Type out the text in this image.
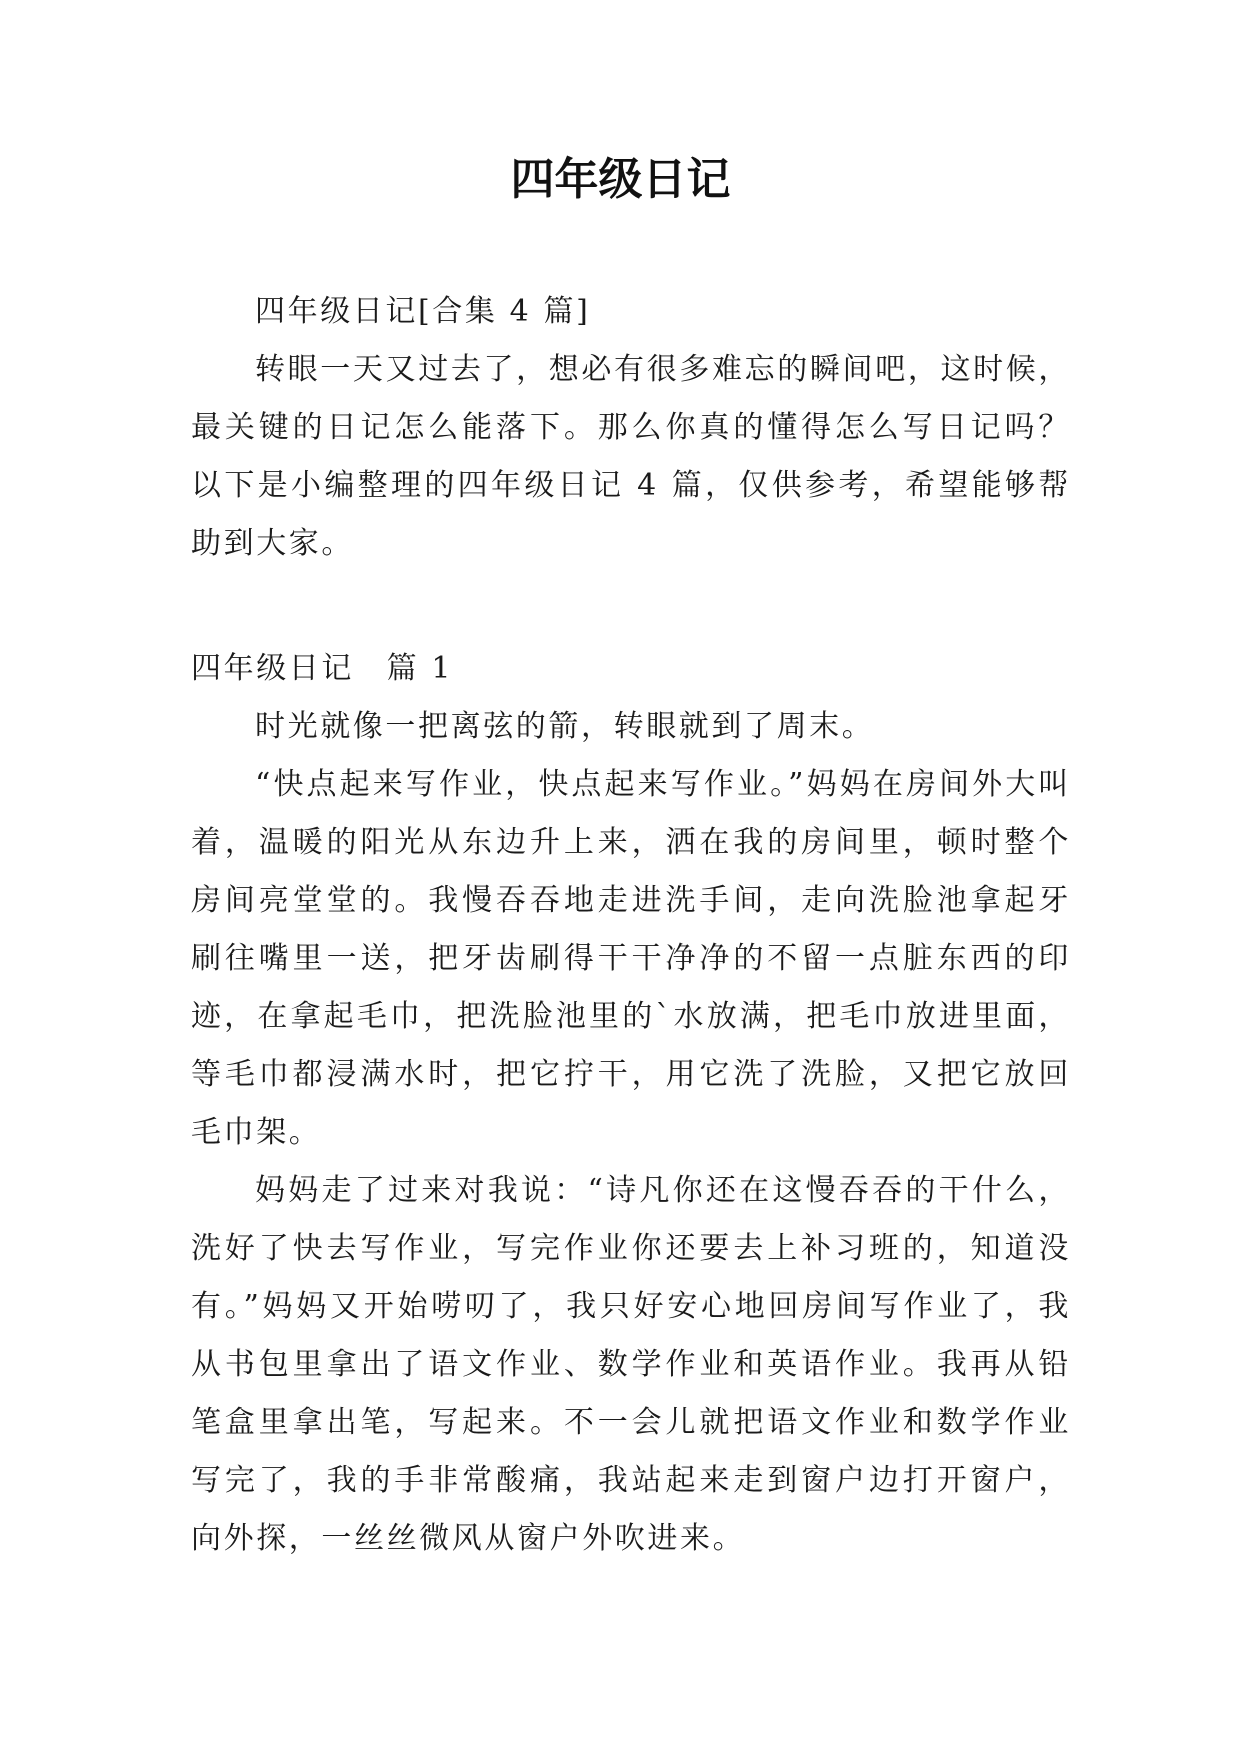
四年级日记

四年级日记[合集 4 篇]

转眼一天又过去了，想必有很多难忘的瞬间吧，这时候，最关键的日记怎么能落下。那么你真的懂得怎么写日记吗？以下是小编整理的四年级日记 4 篇，仅供参考，希望能够帮助到大家。

四年级日记　篇 1

时光就像一把离弦的箭，转眼就到了周末。

“快点起来写作业，快点起来写作业。”妈妈在房间外大叫着，温暖的阳光从东边升上来，洒在我的房间里，顿时整个房间亮堂堂的。我慢吞吞地走进洗手间，走向洗脸池拿起牙刷往嘴里一送，把牙齿刷得干干净净的不留一点脏东西的印迹，在拿起毛巾，把洗脸池里的`水放满，把毛巾放进里面，等毛巾都浸满水时，把它拧干，用它洗了洗脸，又把它放回毛巾架。

妈妈走了过来对我说：“诗凡你还在这慢吞吞的干什么，洗好了快去写作业，写完作业你还要去上补习班的，知道没有。”妈妈又开始唠叨了，我只好安心地回房间写作业了，我从书包里拿出了语文作业、数学作业和英语作业。我再从铅笔盒里拿出笔，写起来。不一会儿就把语文作业和数学作业写完了，我的手非常酸痛，我站起来走到窗户边打开窗户，向外探，一丝丝微风从窗户外吹进来。
